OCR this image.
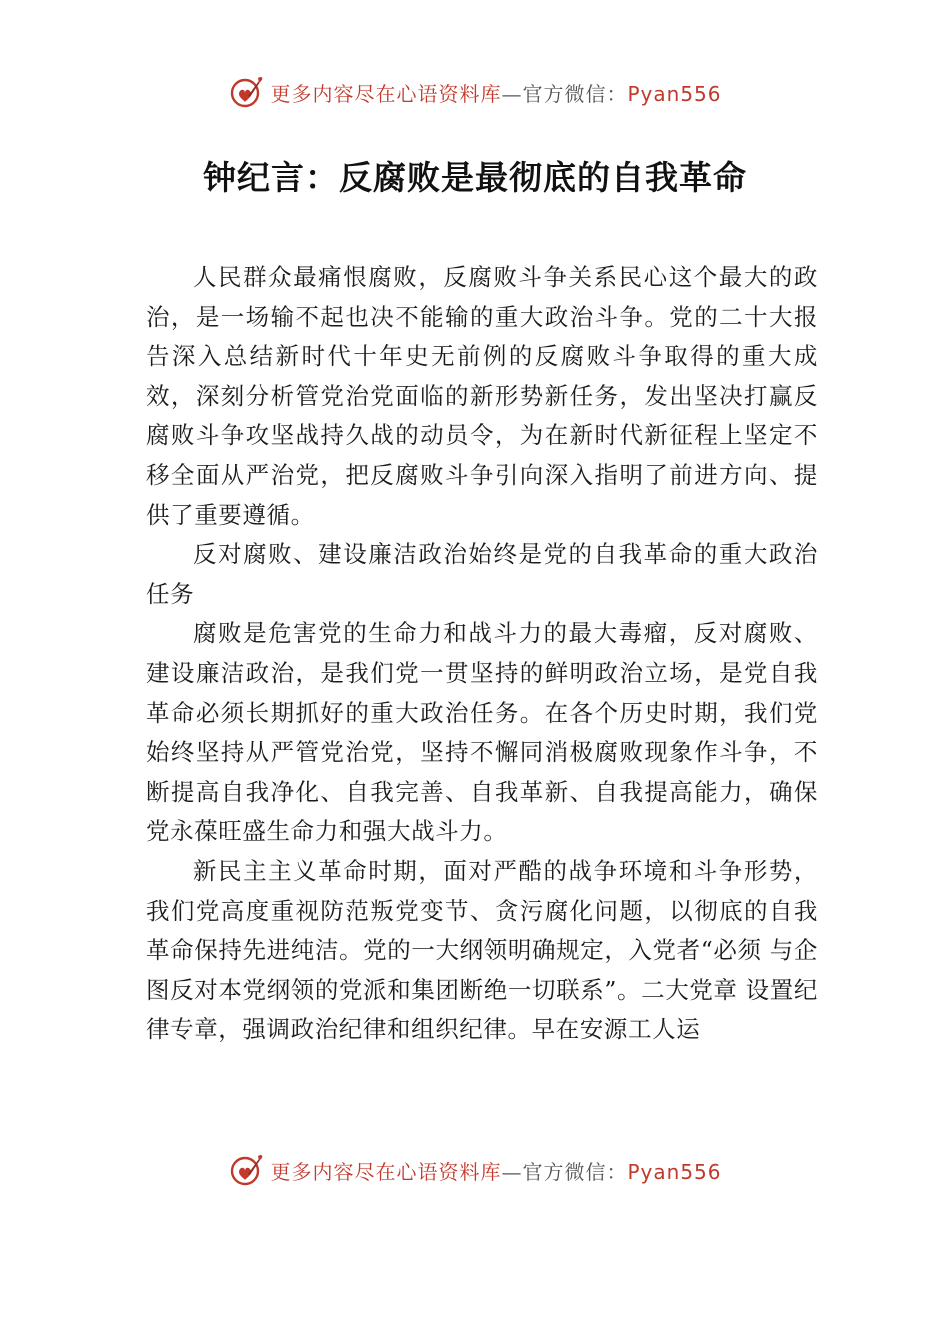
更多内容尽在心语资料库—官方微信：Pyan556
钟纪言：反腐败是最彻底的自我革命

人民群众最痛恨腐败，反腐败斗争关系民心这个最大的政治，是一场输不起也决不能输的重大政治斗争。党的二十大报告深入总结新时代十年史无前例的反腐败斗争取得的重大成效，深刻分析管党治党面临的新形势新任务，发出坚决打赢反腐败斗争攻坚战持久战的动员令，为在新时代新征程上坚定不移全面从严治党，把反腐败斗争引向深入指明了前进方向、提供了重要遵循。

反对腐败、建设廉洁政治始终是党的自我革命的重大政治任务

腐败是危害党的生命力和战斗力的最大毒瘤，反对腐败、建设廉洁政治，是我们党一贯坚持的鲜明政治立场，是党自我革命必须长期抓好的重大政治任务。在各个历史时期，我们党始终坚持从严管党治党，坚持不懈同消极腐败现象作斗争，不断提高自我净化、自我完善、自我革新、自我提高能力，确保党永葆旺盛生命力和强大战斗力。

新民主主义革命时期，面对严酷的战争环境和斗争形势，我们党高度重视防范叛党变节、贪污腐化问题，以彻底的自我革命保持先进纯洁。党的一大纲领明确规定，入党者“必须 与企图反对本党纲领的党派和集团断绝一切联系”。二大党章 设置纪律专章，强调政治纪律和组织纪律。早在安源工人运

更多内容尽在心语资料库—官方微信：Pyan556
